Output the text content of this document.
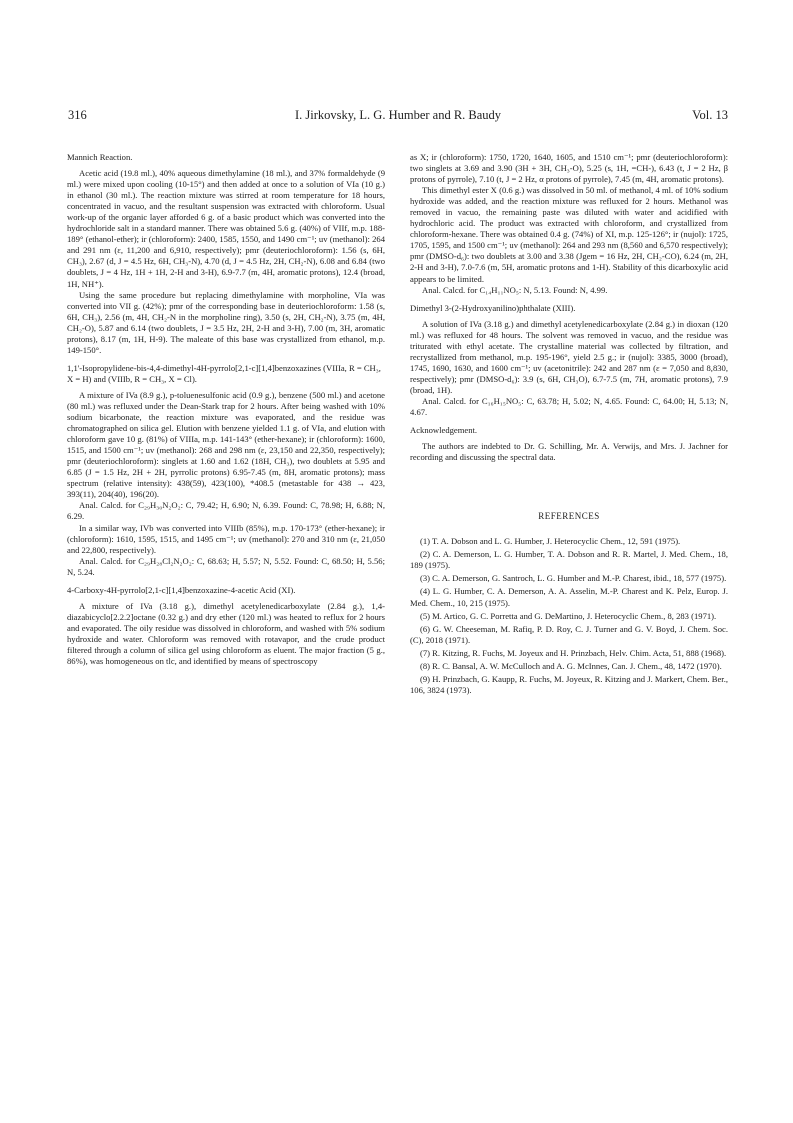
316	I. Jirkovsky, L. G. Humber and R. Baudy	Vol. 13
Mannich Reaction.

Acetic acid (19.8 ml.), 40% aqueous dimethylamine (18 ml.), and 37% formaldehyde (9 ml.) were mixed upon cooling (10-15°) and then added at once to a solution of VIa (10 g.) in ethanol (30 ml.). The reaction mixture was stirred at room temperature for 18 hours, concentrated in vacuo, and the resultant suspension was extracted with chloroform. Usual work-up of the organic layer afforded 6 g. of a basic product which was converted into the hydrochloride salt in a standard manner. There was obtained 5.6 g. (40%) of VIIf, m.p. 188-189° (ethanol-ether); ir (chloroform): 2400, 1585, 1550, and 1490 cm⁻¹; uv (methanol): 264 and 291 nm (ε, 11,200 and 6,910, respectively); pmr (deuteriochloroform): 1.56 (s, 6H, CH₃), 2.67 (d, J = 4.5 Hz, 6H, CH₃-N), 4.70 (d, J = 4.5 Hz, 2H, CH₂-N), 6.08 and 6.84 (two doublets, J = 4 Hz, 1H + 1H, 2-H and 3-H), 6.9-7.7 (m, 4H, aromatic protons), 12.4 (broad, 1H, NH⁺).

Using the same procedure but replacing dimethylamine with morpholine, VIa was converted into VII g. (42%); pmr of the corresponding base in deuteriochloroform: 1.58 (s, 6H, CH₃), 2.56 (m, 4H, CH₂-N in the morpholine ring), 3.50 (s, 2H, CH₂-N), 3.75 (m, 4H, CH₂-O), 5.87 and 6.14 (two doublets, J = 3.5 Hz, 2H, 2-H and 3-H), 7.00 (m, 3H, aromatic protons), 8.17 (m, 1H, H-9). The maleate of this base was crystallized from ethanol, m.p. 149-150°.

1,1'-Isopropylidene-bis-4,4-dimethyl-4H-pyrrolo[2,1-c][1,4]benzoxazines (VIIIa, R = CH₃, X = H) and (VIIIb, R = CH₃, X = Cl).

A mixture of IVa (8.9 g.), p-toluenesulfonic acid (0.9 g.), benzene (500 ml.) and acetone (80 ml.) was refluxed under the Dean-Stark trap for 2 hours. After being washed with 10% sodium bicarbonate, the reaction mixture was evaporated, and the residue was chromatographed on silica gel. Elution with benzene yielded 1.1 g. of VIa, and elution with chloroform gave 10 g. (81%) of VIIIa, m.p. 141-143° (ether-hexane); ir (chloroform): 1600, 1515, and 1500 cm⁻¹; uv (methanol): 268 and 298 nm (ε, 23,150 and 22,350, respectively); pmr (deuteriochloroform): singlets at 1.60 and 1.62 (18H, CH₃), two doublets at 5.95 and 6.85 (J = 1.5 Hz, 2H + 2H, pyrrolic protons) 6.95-7.45 (m, 8H, aromatic protons); mass spectrum (relative intensity): 438(59), 423(100), *408.5 (metastable for 438 → 423, 393(11), 204(40), 196(20).

Anal. Calcd. for C₂₉H₃₀N₂O₂: C, 79.42; H, 6.90; N, 6.39. Found: C, 78.98; H, 6.88; N, 6.29.

In a similar way, IVb was converted into VIIIb (85%), m.p. 170-173° (ether-hexane); ir (chloroform): 1610, 1595, 1515, and 1495 cm⁻¹; uv (methanol): 270 and 310 nm (ε, 21,050 and 22,800, respectively).

Anal. Calcd. for C₂₉H₂₈Cl₂N₂O₂: C, 68.63; H, 5.57; N, 5.52. Found: C, 68.50; H, 5.56; N, 5.24.

4-Carboxy-4H-pyrrolo[2,1-c][1,4]benzoxazine-4-acetic Acid (XI).

A mixture of IVa (3.18 g.), dimethyl acetylenedicarboxylate (2.84 g.), 1,4-diazabicyclo[2.2.2]octane (0.32 g.) and dry ether (120 ml.) was heated to reflux for 2 hours and evaporated. The oily residue was dissolved in chloroform, and washed with 5% sodium hydroxide and water. Chloroform was removed with rotavapor, and the crude product filtered through a column of silica gel using chloroform as eluent. The major fraction (5 g., 86%), was homogeneous on tlc, and identified by means of spectroscopy

as X; ir (chloroform): 1750, 1720, 1640, 1605, and 1510 cm⁻¹; pmr (deuteriochloroform): two singlets at 3.69 and 3.90 (3H + 3H, CH₃-O), 5.25 (s, 1H, =CH-), 6.43 (t, J = 2 Hz, β protons of pyrrole), 7.10 (t, J = 2 Hz, α protons of pyrrole), 7.45 (m, 4H, aromatic protons).

This dimethyl ester X (0.6 g.) was dissolved in 50 ml. of methanol, 4 ml. of 10% sodium hydroxide was added, and the reaction mixture was refluxed for 2 hours. Methanol was removed in vacuo, the remaining paste was diluted with water and acidified with hydrochloric acid. The product was extracted with chloroform, and crystallized from chloroform-hexane. There was obtained 0.4 g. (74%) of XI, m.p. 125-126°; ir (nujol): 1725, 1705, 1595, and 1500 cm⁻¹; uv (methanol): 264 and 293 nm (8,560 and 6,570 respectively); pmr (DMSO-d₆): two doublets at 3.00 and 3.38 (Jgem = 16 Hz, 2H, CH₂-CO), 6.24 (m, 2H, 2-H and 3-H), 7.0-7.6 (m, 5H, aromatic protons and 1-H). Stability of this dicarboxylic acid appears to be limited.

Anal. Calcd. for C₁₄H₁₁NO₅: N, 5.13. Found: N, 4.99.

Dimethyl 3-(2-Hydroxyanilino)phthalate (XIII).

A solution of IVa (3.18 g.) and dimethyl acetylenedicarboxylate (2.84 g.) in dioxan (120 ml.) was refluxed for 48 hours. The solvent was removed in vacuo, and the residue was triturated with ethyl acetate. The crystalline material was collected by filtration, and recrystallized from methanol, m.p. 195-196°, yield 2.5 g.; ir (nujol): 3385, 3000 (broad), 1745, 1690, 1630, and 1600 cm⁻¹; uv (acetonitrile): 242 and 287 nm (ε = 7,050 and 8,830, respectively); pmr (DMSO-d₆): 3.9 (s, 6H, CH₃O), 6.7-7.5 (m, 7H, aromatic protons), 7.9 (broad, 1H).

Anal. Calcd. for C₁₆H₁₅NO₅: C, 63.78; H, 5.02; N, 4.65. Found: C, 64.00; H, 5.13; N, 4.67.

Acknowledgement.

The authors are indebted to Dr. G. Schilling, Mr. A. Verwijs, and Mrs. J. Jachner for recording and discussing the spectral data.

REFERENCES

(1) T. A. Dobson and L. G. Humber, J. Heterocyclic Chem., 12, 591 (1975).

(2) C. A. Demerson, L. G. Humber, T. A. Dobson and R. R. Martel, J. Med. Chem., 18, 189 (1975).

(3) C. A. Demerson, G. Santroch, L. G. Humber and M.-P. Charest, ibid., 18, 577 (1975).

(4) L. G. Humber, C. A. Demerson, A. A. Asselin, M.-P. Charest and K. Pelz, Europ. J. Med. Chem., 10, 215 (1975).

(5) M. Artico, G. C. Porretta and G. DeMartino, J. Heterocyclic Chem., 8, 283 (1971).

(6) G. W. Cheeseman, M. Rafiq, P. D. Roy, C. J. Turner and G. V. Boyd, J. Chem. Soc. (C), 2018 (1971).

(7) R. Kitzing, R. Fuchs, M. Joyeux and H. Prinzbach, Helv. Chim. Acta, 51, 888 (1968).

(8) R. C. Bansal, A. W. McCulloch and A. G. McInnes, Can. J. Chem., 48, 1472 (1970).

(9) H. Prinzbach, G. Kaupp, R. Fuchs, M. Joyeux, R. Kitzing and J. Markert, Chem. Ber., 106, 3824 (1973).
